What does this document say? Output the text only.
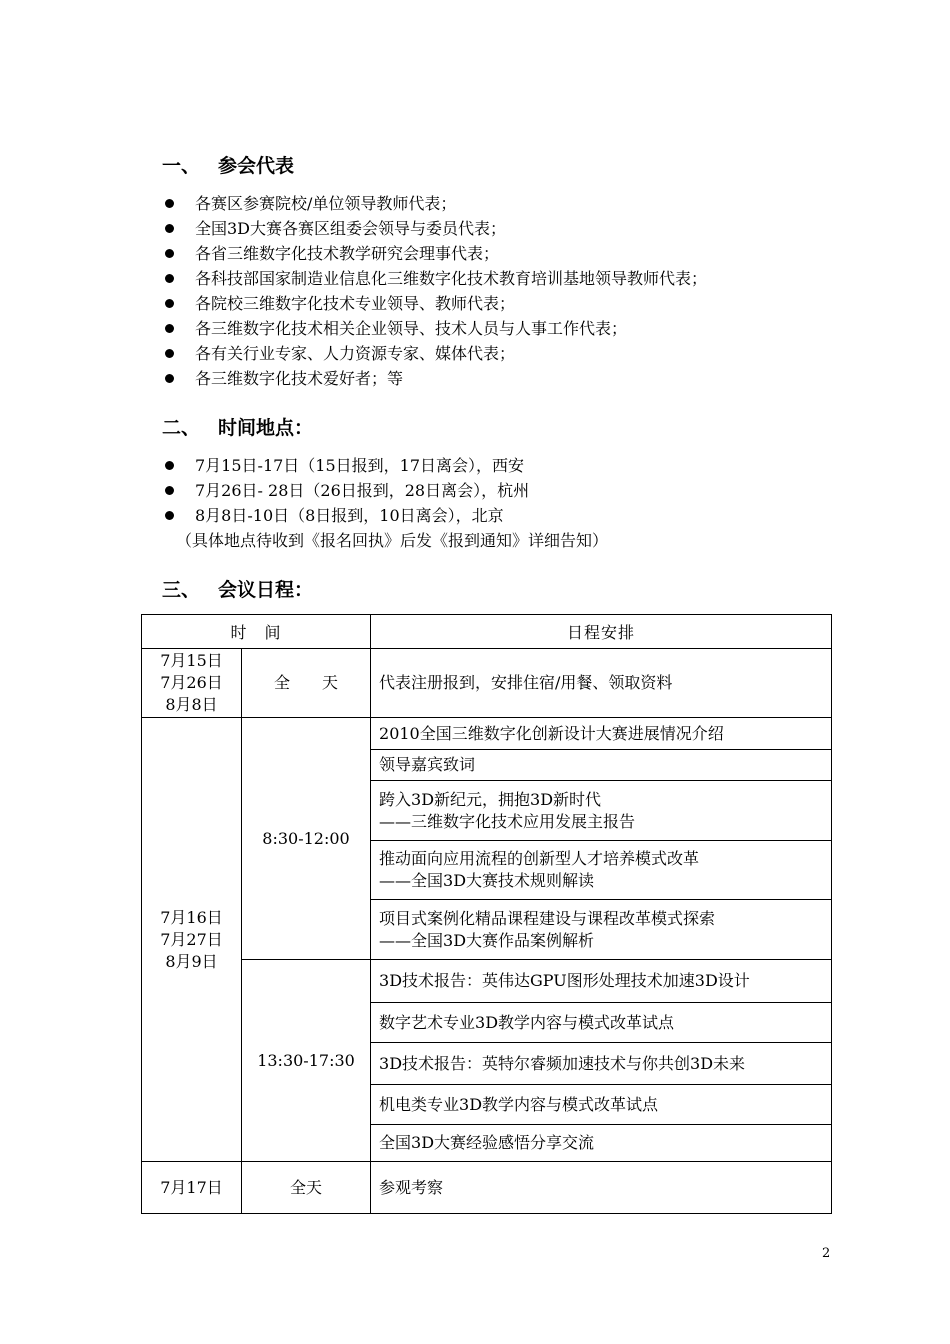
一、 参会代表
各赛区参赛院校/单位领导教师代表；
全国3D大赛各赛区组委会领导与委员代表；
各省三维数字化技术教学研究会理事代表；
各科技部国家制造业信息化三维数字化技术教育培训基地领导教师代表；
各院校三维数字化技术专业领导、教师代表；
各三维数字化技术相关企业领导、技术人员与人事工作代表；
各有关行业专家、人力资源专家、媒体代表；
各三维数字化技术爱好者；等
二、 时间地点：
7月15日-17日（15日报到，17日离会），西安
7月26日- 28日（26日报到，28日离会），杭州
8月8日-10日（8日报到，10日离会），北京
（具体地点待收到《报名回执》后发《报到通知》详细告知）
三、 会议日程：
时　间		日程安排

7月15日
7月26日
8月8日	全　　天	代表注册报到，安排住宿/用餐、领取资料

7月16日
7月27日
8月9日	8:30-12:00	2010全国三维数字化创新设计大赛进展情况介绍
		领导嘉宾致词

		跨入3D新纪元，拥抱3D新时代
——三维数字化技术应用发展主报告

		推动面向应用流程的创新型人才培养模式改革
——全国3D大赛技术规则解读

		项目式案例化精品课程建设与课程改革模式探索
——全国3D大赛作品案例解析

	13:30-17:30	3D技术报告：英伟达GPU图形处理技术加速3D设计
		数字艺术专业3D教学内容与模式改革试点
		3D技术报告：英特尔睿频加速技术与你共创3D未来
		机电类专业3D教学内容与模式改革试点
		全国3D大赛经验感悟分享交流
7月17日	全天	参观考察
2
